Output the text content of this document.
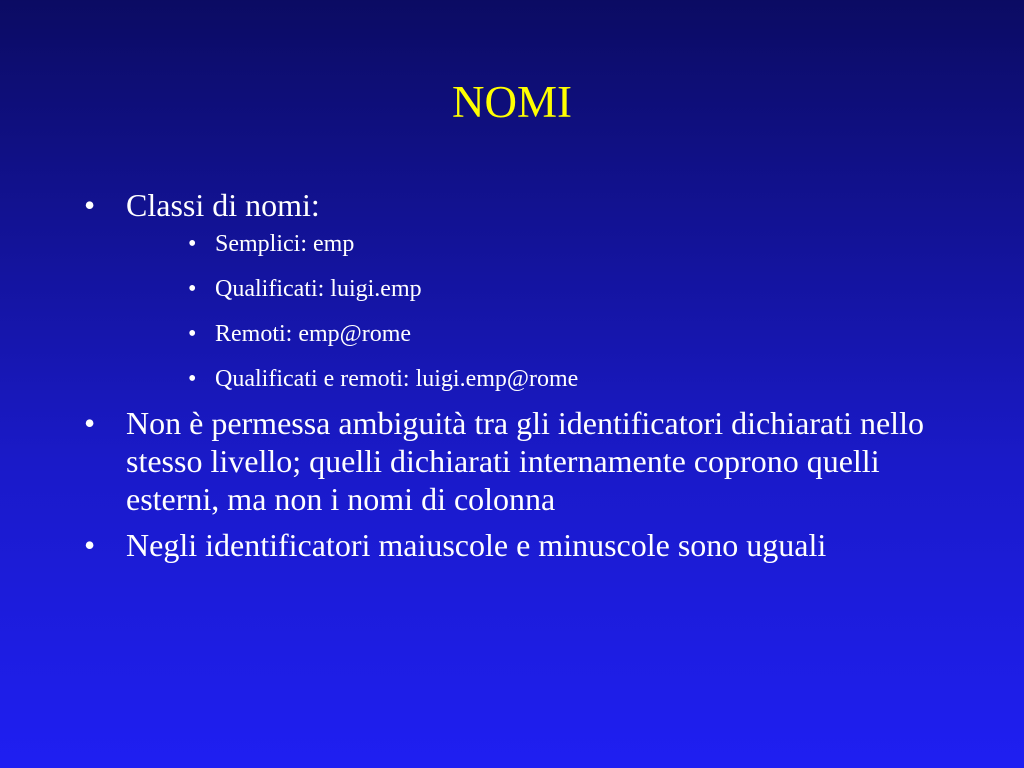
NOMI
• Classi di nomi:
• Semplici: emp
• Qualificati: luigi.emp
• Remoti: emp@rome
• Qualificati e remoti: luigi.emp@rome
• Non è permessa ambiguità tra gli identificatori dichiarati nello stesso livello; quelli dichiarati internamente coprono quelli esterni, ma non i nomi di colonna
• Negli identificatori maiuscole e minuscole sono uguali
